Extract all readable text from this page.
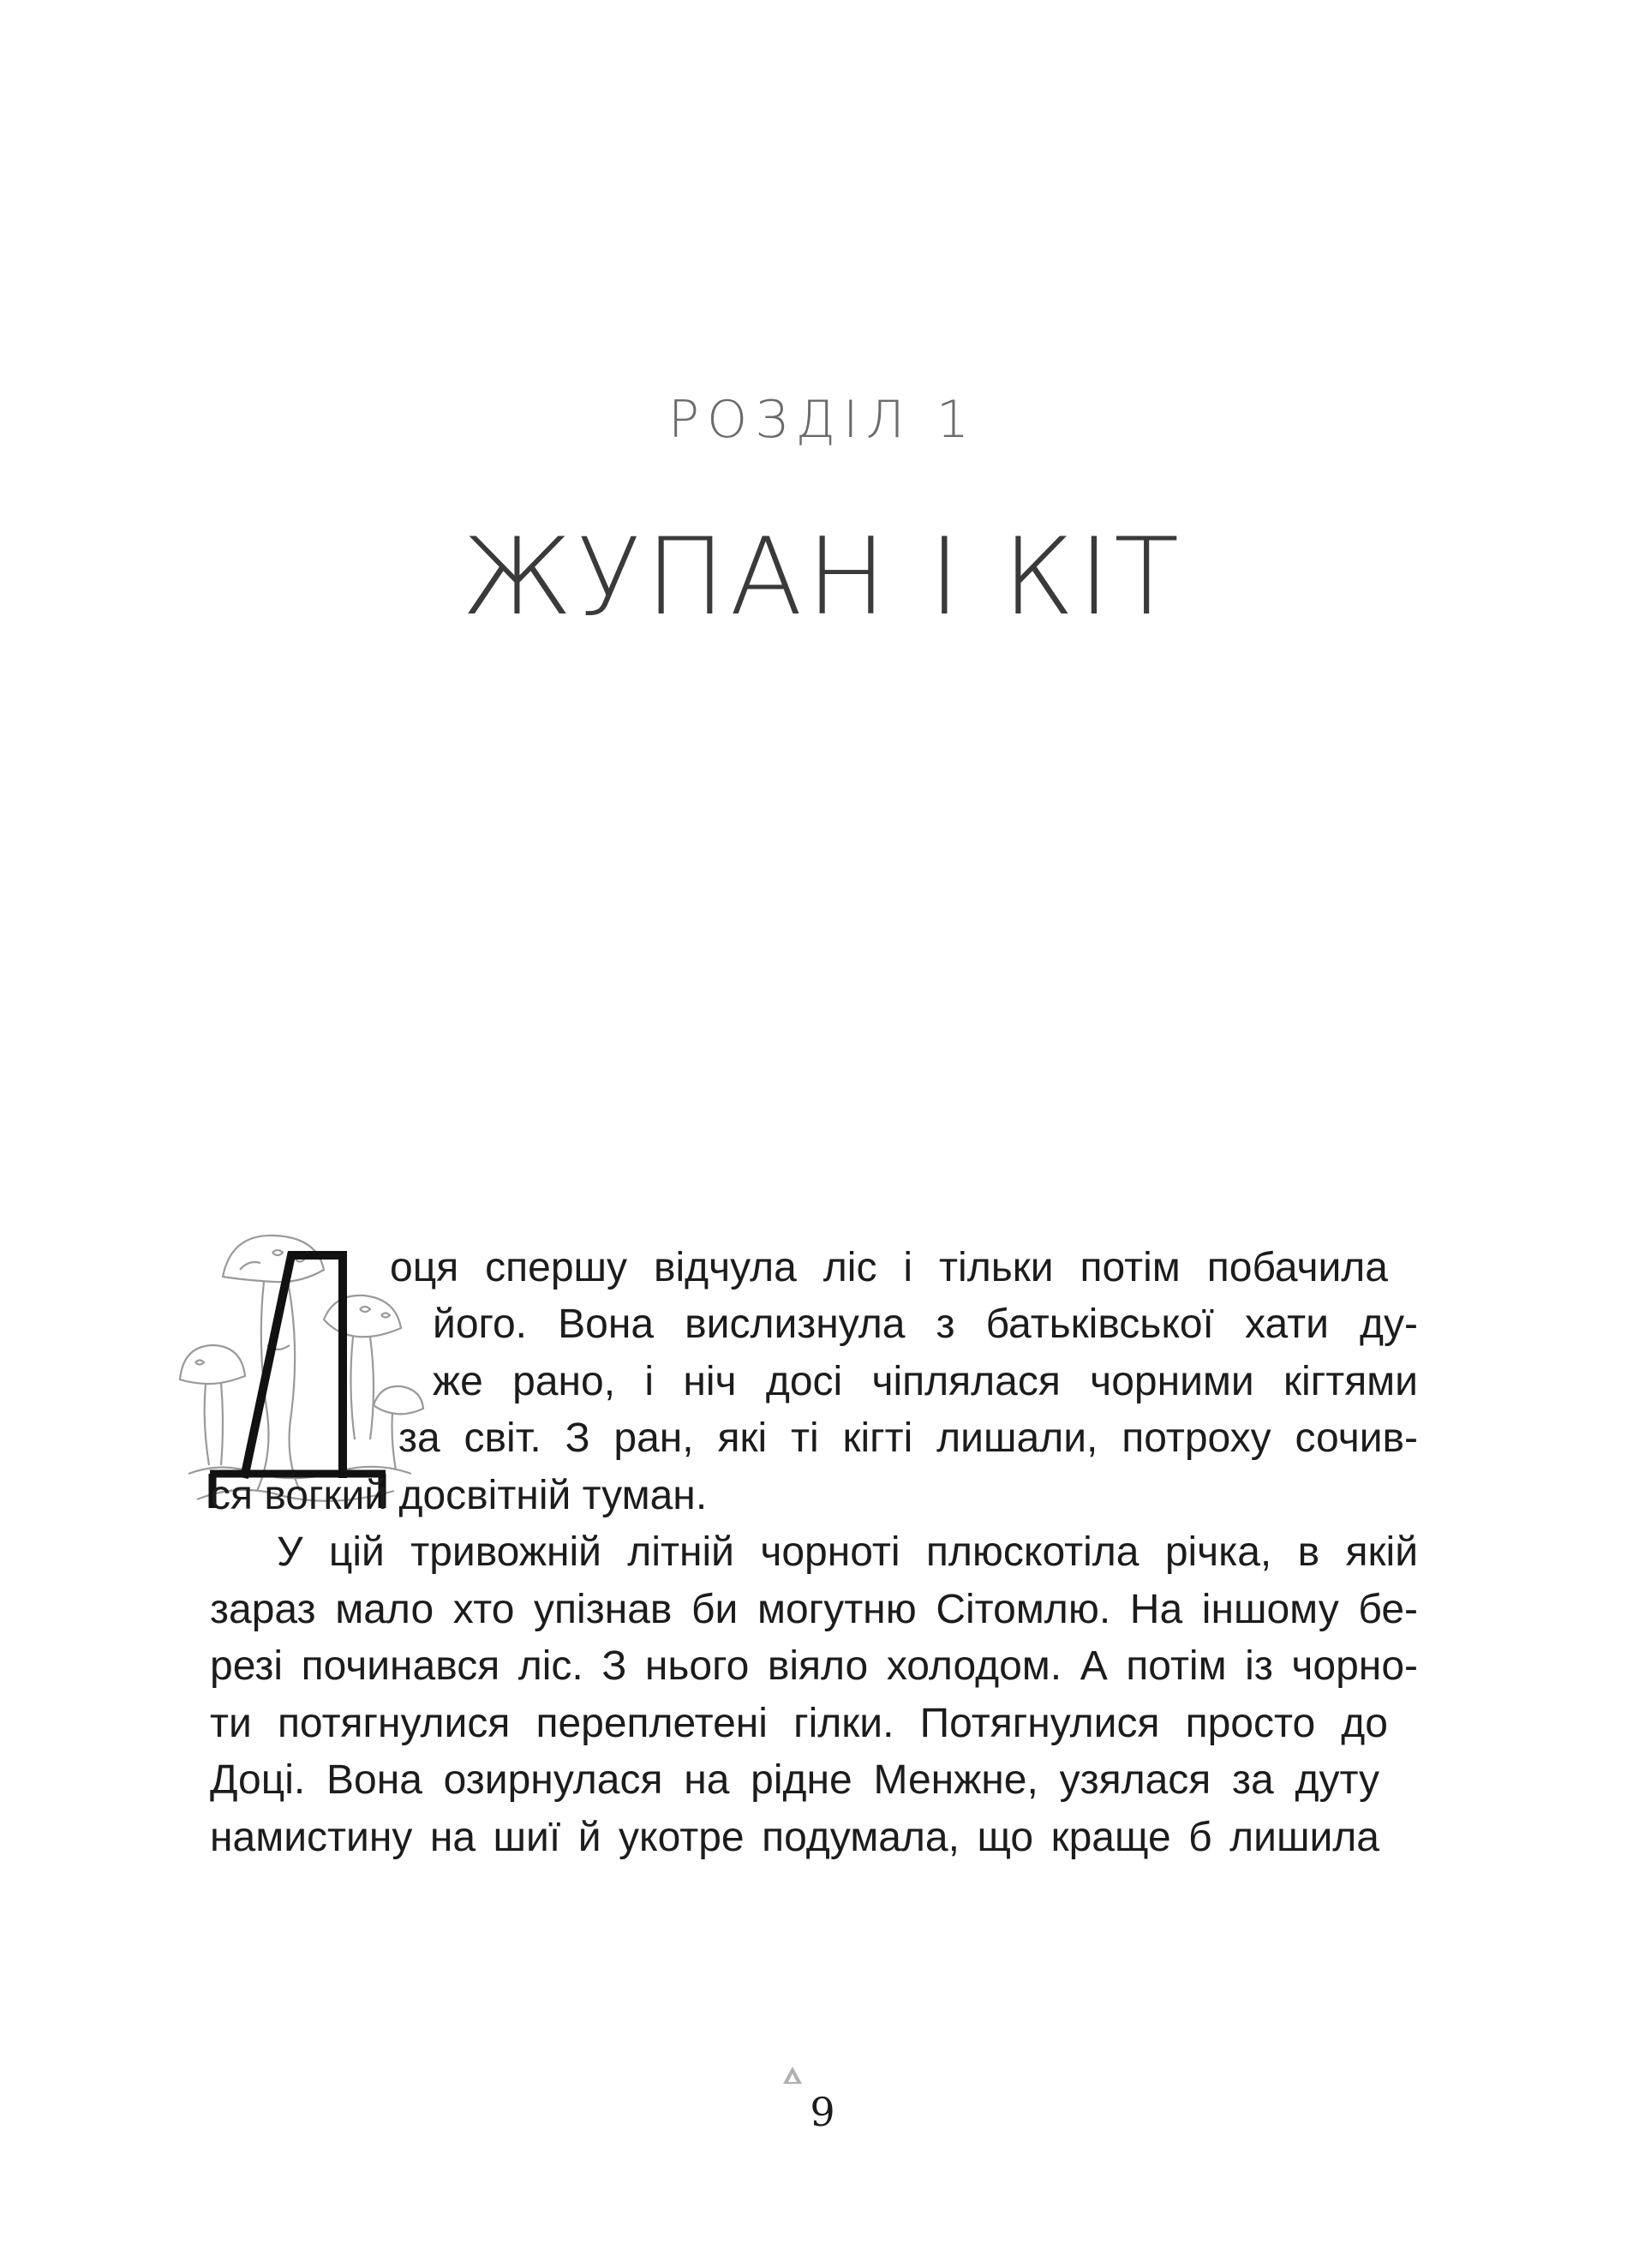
РОЗДІЛ 1
ЖУПАН І КІТ
оця спершу відчула ліс і тільки потім побачила
його. Вона вислизнула з батьківської хати ду-
же рано, і ніч досі чіплялася чорними кігтями
за світ. З ран, які ті кігті лишали, потроху сочив-
ся вогкий досвітній туман.
У цій тривожній літній чорноті плюскотіла річка, в якій
зараз мало хто упізнав би могутню Сітомлю. На іншому бе-
резі починався ліс. З нього віяло холодом. А потім із чорно-
ти потягнулися переплетені гілки. Потягнулися просто до
Доці. Вона озирнулася на рідне Менжне, узялася за дуту
намистину на шиї й укотре подумала, що краще б лишила
9
